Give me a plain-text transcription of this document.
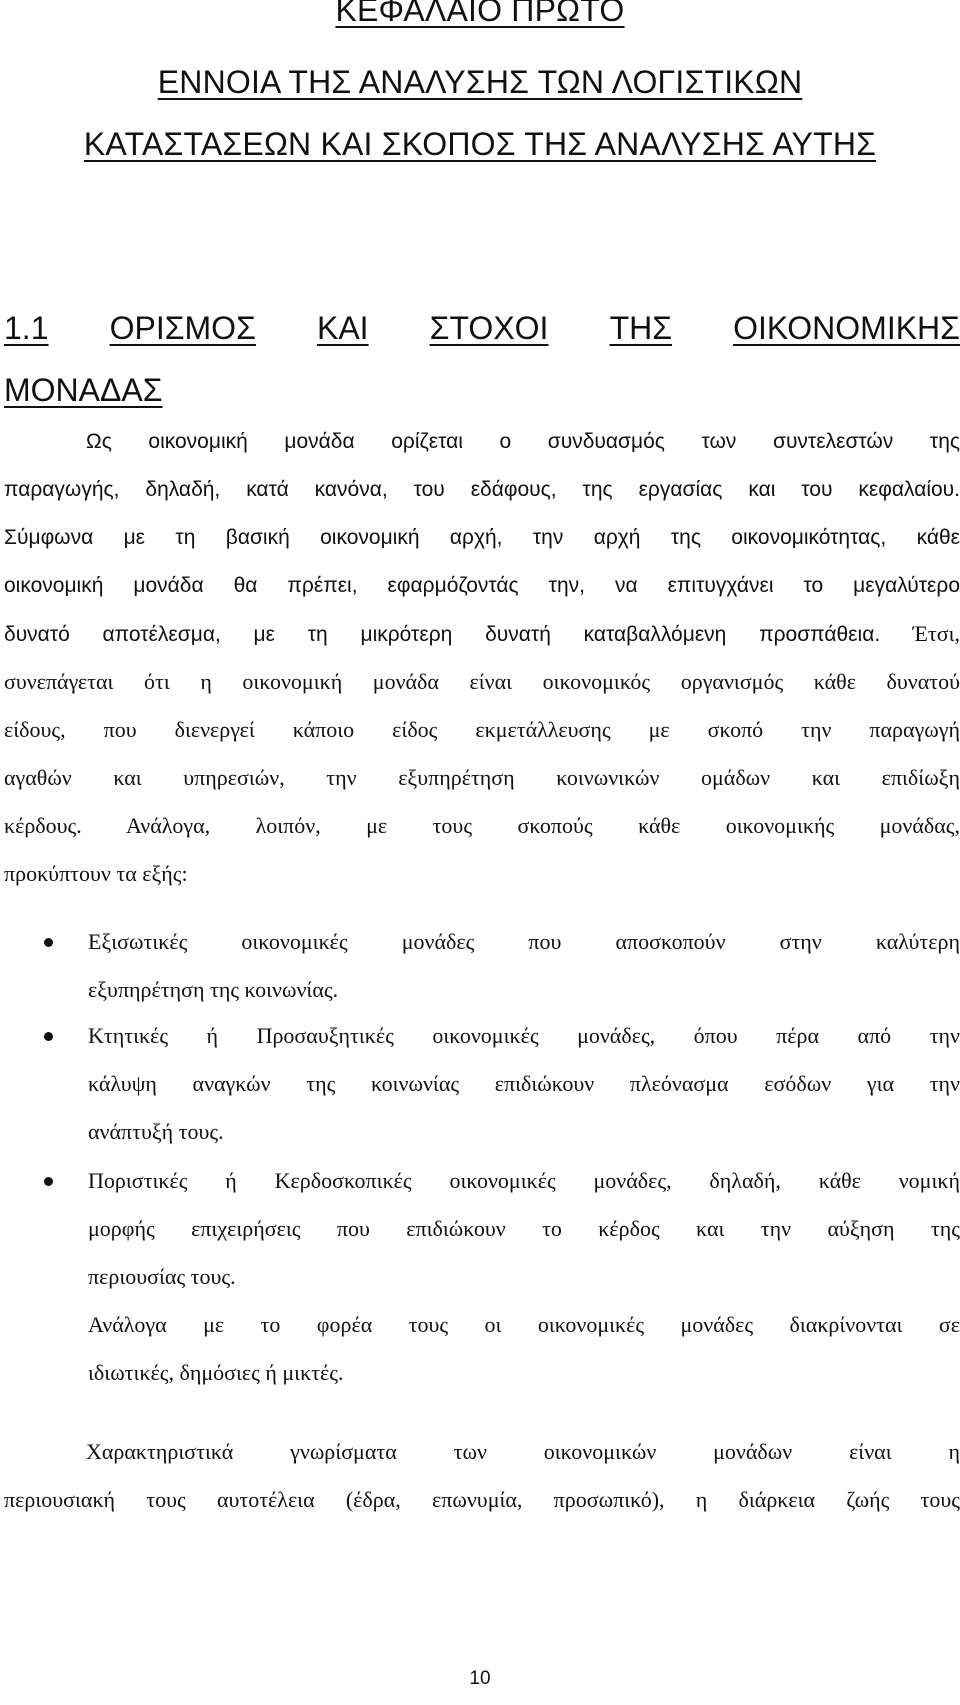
ΚΕΦΑΛΑΙΟ ΠΡΩΤΟ
ΕΝΝΟΙΑ ΤΗΣ ΑΝΑΛΥΣΗΣ ΤΩΝ ΛΟΓΙΣΤΙΚΩΝ
ΚΑΤΑΣΤΑΣΕΩΝ ΚΑΙ ΣΚΟΠΟΣ ΤΗΣ ΑΝΑΛΥΣΗΣ ΑΥΤΗΣ
1.1 ΟΡΙΣΜΟΣ ΚΑΙ ΣΤΟΧΟΙ ΤΗΣ ΟΙΚΟΝΟΜΙΚΗΣ
ΜΟΝΑΔΑΣ
Ως οικονομική μονάδα ορίζεται ο συνδυασμός των συντελεστών της
παραγωγής, δηλαδή, κατά κανόνα, του εδάφους, της εργασίας και του κεφαλαίου.
Σύμφωνα με τη βασική οικονομική αρχή, την αρχή της οικονομικότητας, κάθε
οικονομική μονάδα θα πρέπει, εφαρμόζοντάς την, να επιτυγχάνει το μεγαλύτερο
δυνατό αποτέλεσμα, με τη μικρότερη δυνατή καταβαλλόμενη προσπάθεια. Έτσι,
συνεπάγεται ότι η οικονομική μονάδα είναι οικονομικός οργανισμός κάθε δυνατού
είδους, που διενεργεί κάποιο είδος εκμετάλλευσης με σκοπό την παραγωγή
αγαθών και υπηρεσιών, την εξυπηρέτηση κοινωνικών ομάδων και επιδίωξη
κέρδους. Ανάλογα, λοιπόν, με τους σκοπούς κάθε οικονομικής μονάδας,
προκύπτουν τα εξής:
Εξισωτικές οικονομικές μονάδες που αποσκοπούν στην καλύτερη
εξυπηρέτηση της κοινωνίας.
Κτητικές ή Προσαυξητικές οικονομικές μονάδες, όπου πέρα από την
κάλυψη αναγκών της κοινωνίας επιδιώκουν πλεόνασμα εσόδων για την
ανάπτυξή τους.
Ποριστικές ή Κερδοσκοπικές οικονομικές μονάδες, δηλαδή, κάθε νομική
μορφής επιχειρήσεις που επιδιώκουν το κέρδος και την αύξηση της
περιουσίας τους.
Ανάλογα με το φορέα τους οι οικονομικές μονάδες διακρίνονται σε
ιδιωτικές, δημόσιες ή μικτές.
Χαρακτηριστικά γνωρίσματα των οικονομικών μονάδων είναι η
περιουσιακή τους αυτοτέλεια (έδρα, επωνυμία, προσωπικό), η διάρκεια ζωής τους
10
